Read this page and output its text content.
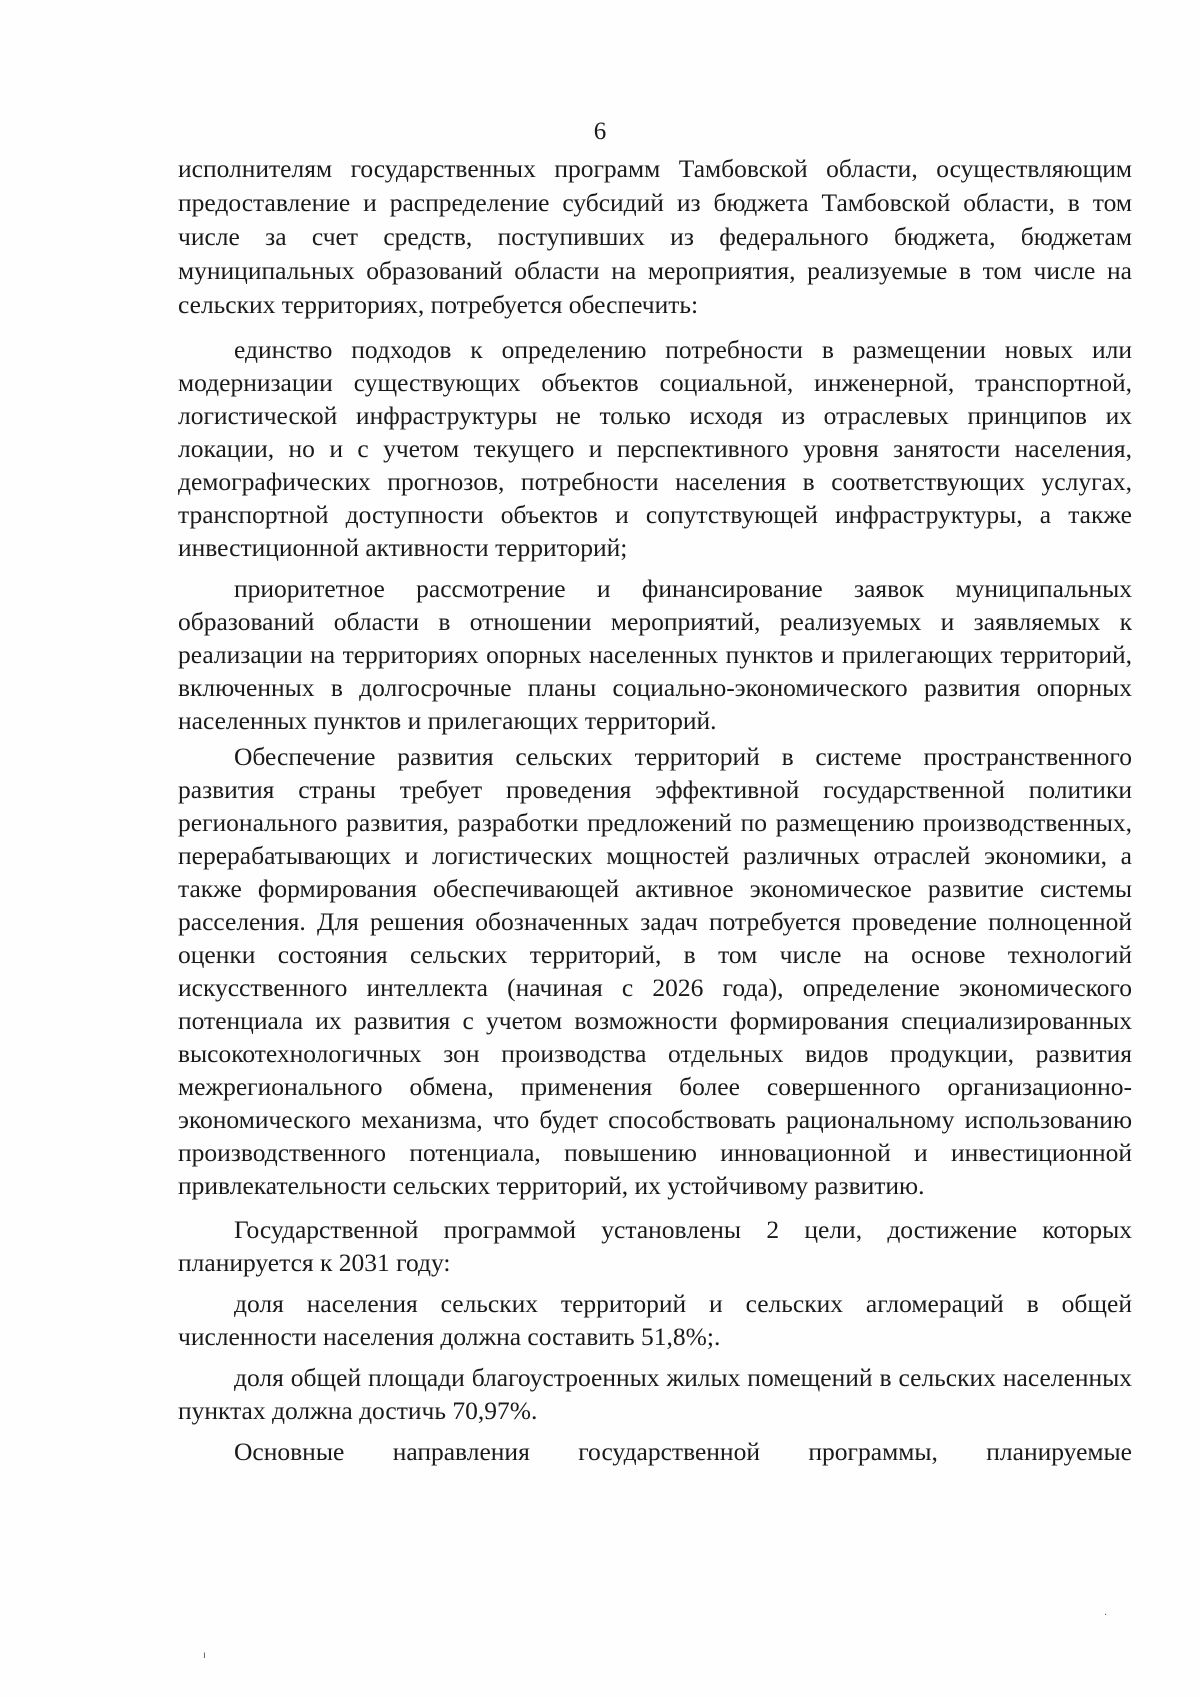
6

исполнителям государственных программ Тамбовской области, осуществляющим предоставление и распределение субсидий из бюджета Тамбовской области, в том числе за счет средств, поступивших из федерального бюджета, бюджетам муниципальных образований области на мероприятия, реализуемые в том числе на сельских территориях, потребуется обеспечить:

единство подходов к определению потребности в размещении новых или модернизации существующих объектов социальной, инженерной, транспортной, логистической инфраструктуры не только исходя из отраслевых принципов их локации, но и с учетом текущего и перспективного уровня занятости населения, демографических прогнозов, потребности населения в соответствующих услугах, транспортной доступности объектов и сопутствующей инфраструктуры, а также инвестиционной активности территорий;

приоритетное рассмотрение и финансирование заявок муниципальных образований области в отношении мероприятий, реализуемых и заявляемых к реализации на территориях опорных населенных пунктов и прилегающих территорий, включенных в долгосрочные планы социально-экономического развития опорных населенных пунктов и прилегающих территорий.

Обеспечение развития сельских территорий в системе пространственного развития страны требует проведения эффективной государственной политики регионального развития, разработки предложений по размещению производственных, перерабатывающих и логистических мощностей различных отраслей экономики, а также формирования обеспечивающей активное экономическое развитие системы расселения. Для решения обозначенных задач потребуется проведение полноценной оценки состояния сельских территорий, в том числе на основе технологий искусственного интеллекта (начиная с 2026 года), определение экономического потенциала их развития с учетом возможности формирования специализированных высокотехнологичных зон производства отдельных видов продукции, развития межрегионального обмена, применения более совершенного организационно-экономического механизма, что будет способствовать рациональному использованию производственного потенциала, повышению инновационной и инвестиционной привлекательности сельских территорий, их устойчивому развитию.

Государственной программой установлены 2 цели, достижение которых планируется к 2031 году:

доля населения сельских территорий и сельских агломераций в общей численности населения должна составить 51,8%;.

доля общей площади благоустроенных жилых помещений в сельских населенных пунктах должна достичь 70,97%.

Основные направления государственной программы, планируемые

ı
·
